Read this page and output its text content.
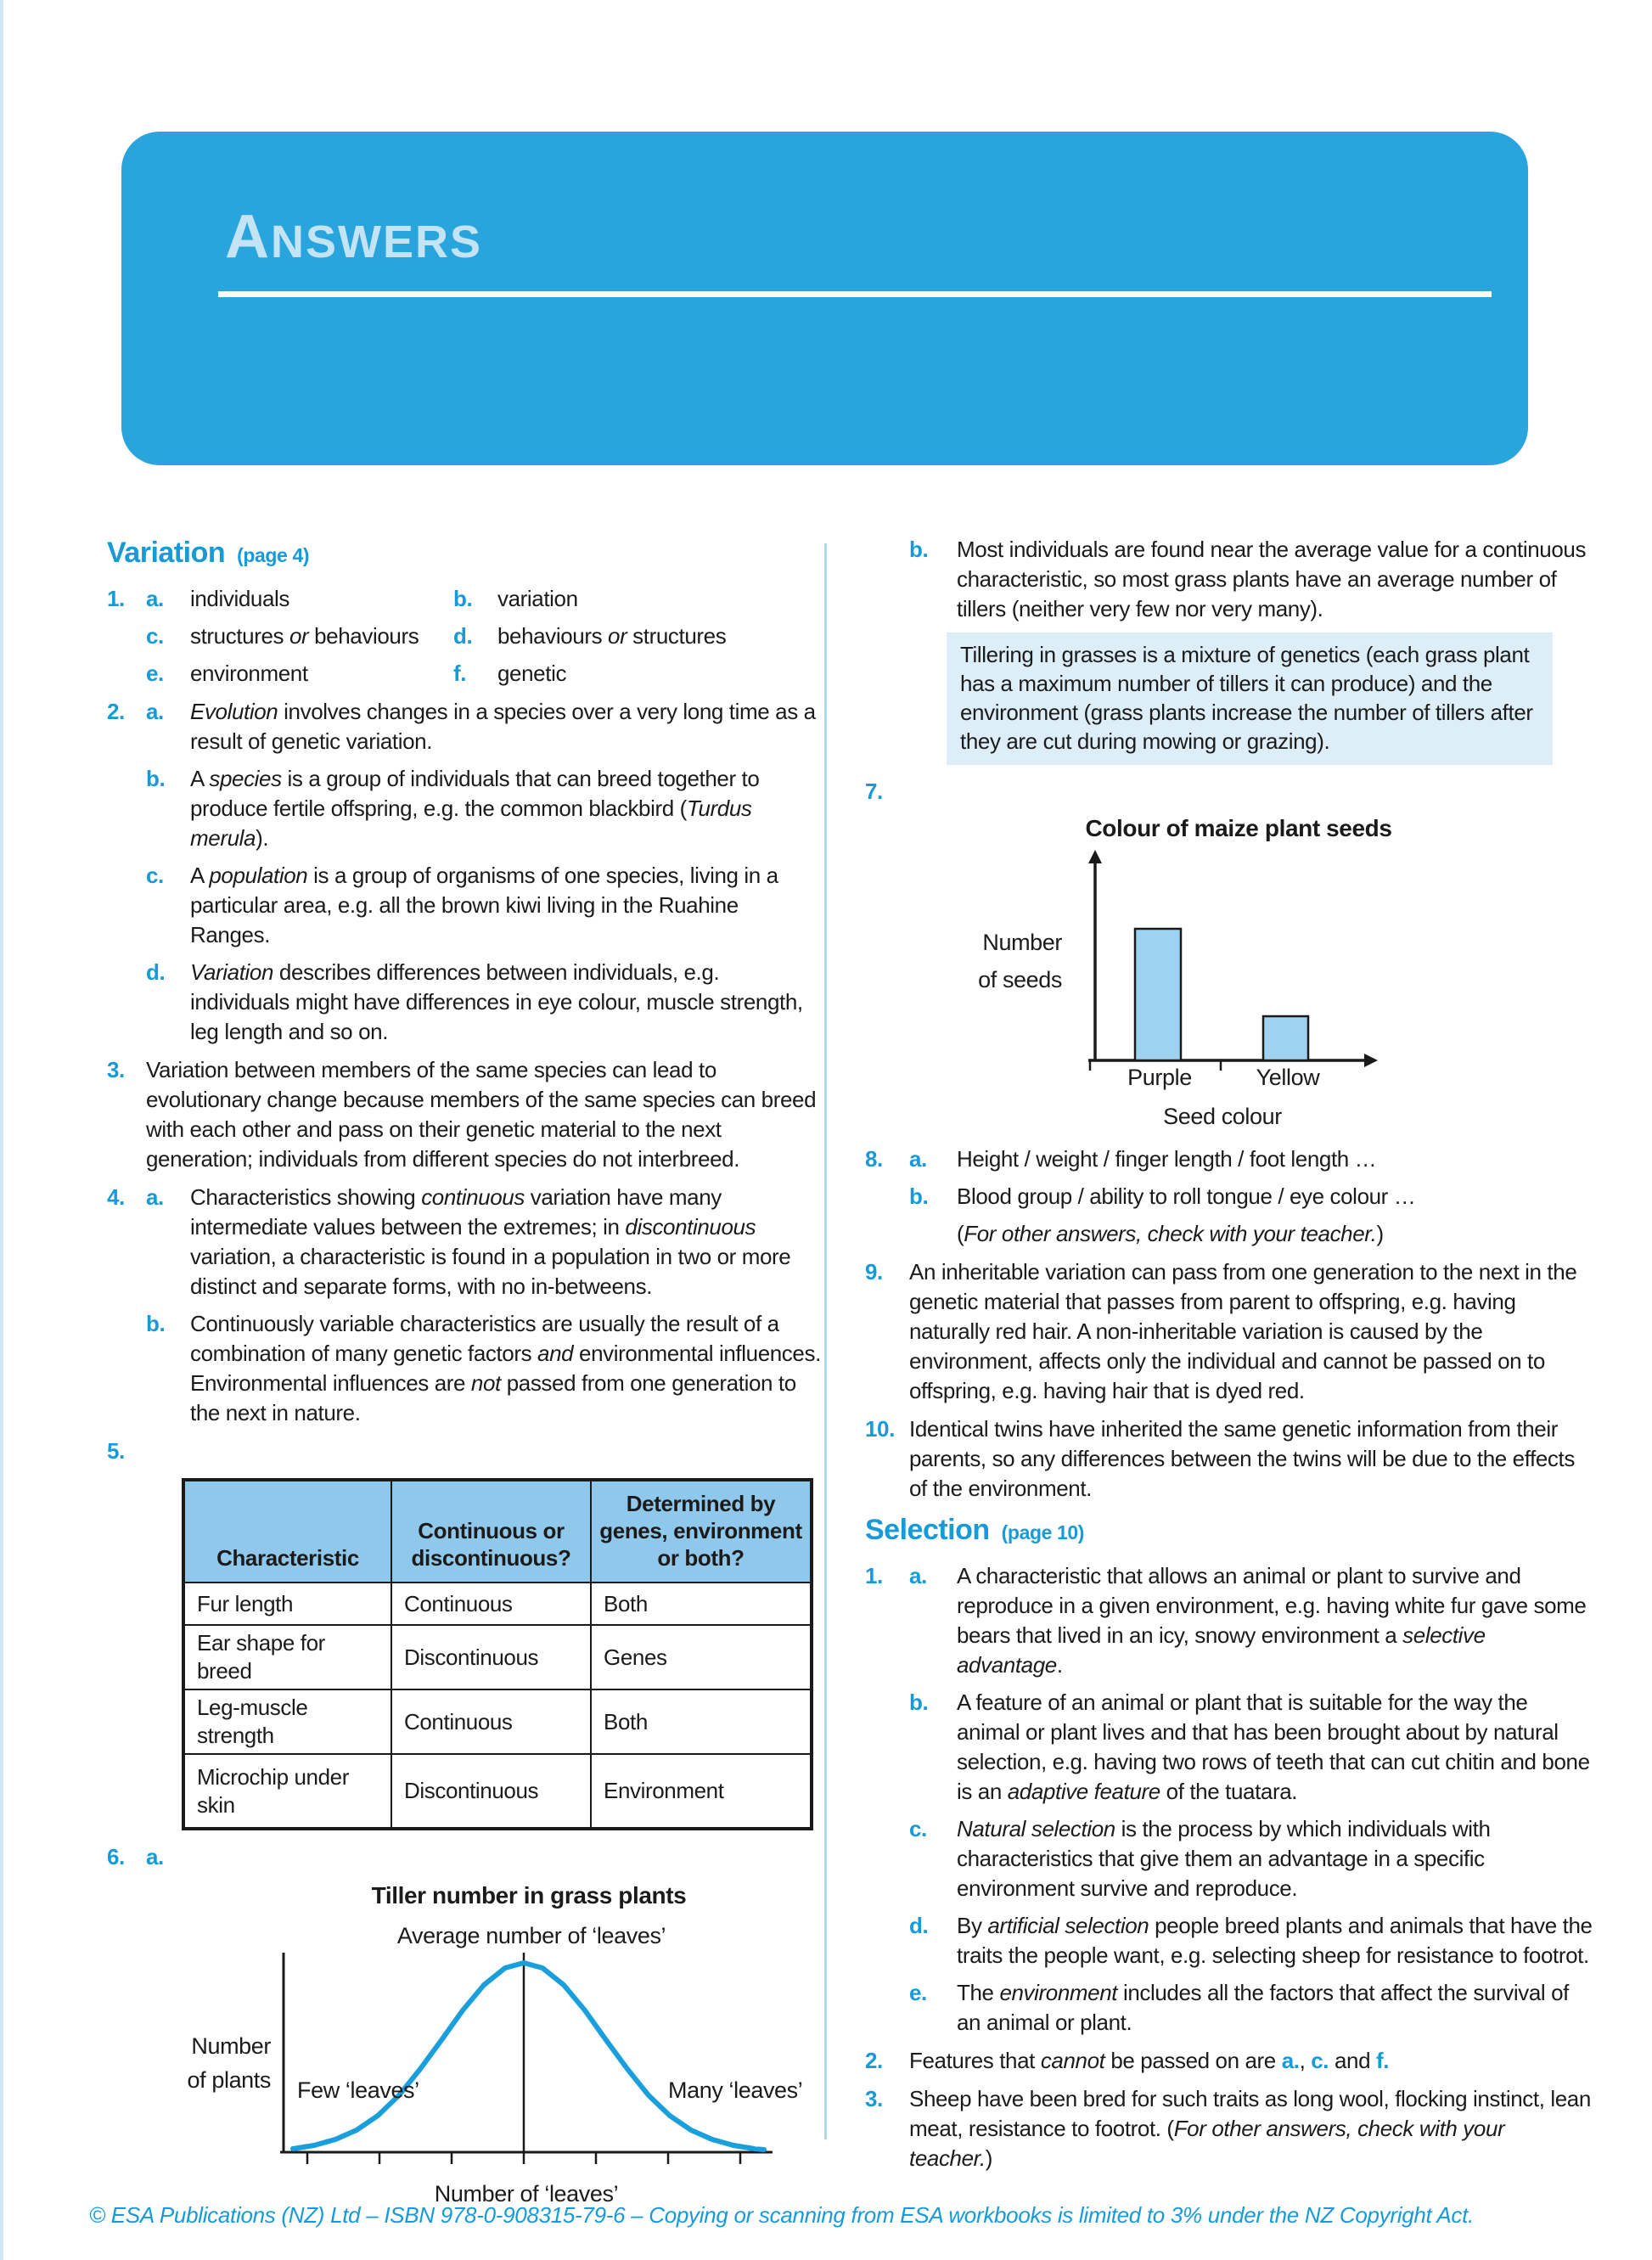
ANSWERS
Variation (page 4)
1. a.	individuals	b.	variation
c.	structures or behaviours	d.	behaviours or structures
e.	environment	f.	genetic
2. a.	Evolution involves changes in a species over a very long time as a result of genetic variation.
b.	A species is a group of individuals that can breed together to produce fertile offspring, e.g. the common blackbird (Turdus merula).
c.	A population is a group of organisms of one species, living in a particular area, e.g. all the brown kiwi living in the Ruahine Ranges.
d.	Variation describes differences between individuals, e.g. individuals might have differences in eye colour, muscle strength, leg length and so on.
3. Variation between members of the same species can lead to evolutionary change because members of the same species can breed with each other and pass on their genetic material to the next generation; individuals from different species do not interbreed.
4. a.	Characteristics showing continuous variation have many intermediate values between the extremes; in discontinuous variation, a characteristic is found in a population in two or more distinct and separate forms, with no in-betweens.
b.	Continuously variable characteristics are usually the result of a combination of many genetic factors and environmental influences. Environmental influences are not passed from one generation to the next in nature.
5.
Characteristic	Continuous or discontinuous?	Determined by genes, environment or both?
Fur length	Continuous	Both
Ear shape for breed	Discontinuous	Genes
Leg-muscle strength	Continuous	Both
Microchip under skin	Discontinuous	Environment
6. a.
Tiller number in grass plants
Average number of ‘leaves’
Number
of plants Few ‘leaves’	Many ‘leaves’
Number of ‘leaves’
b.	Most individuals are found near the average value for a continuous characteristic, so most grass plants have an average number of tillers (neither very few nor very many).
Tillering in grasses is a mixture of genetics (each grass plant has a maximum number of tillers it can produce) and the environment (grass plants increase the number of tillers after they are cut during mowing or grazing).
7.
Colour of maize plant seeds
Number
of seeds
Purple	Yellow
Seed colour
8.	a.	Height / weight / finger length / foot length …
b.	Blood group / ability to roll tongue / eye colour …
(For other answers, check with your teacher.)
9.	An inheritable variation can pass from one generation to the next in the genetic material that passes from parent to offspring, e.g. having naturally red hair. A non-inheritable variation is caused by the environment, affects only the individual and cannot be passed on to offspring, e.g. having hair that is dyed red.
10. Identical twins have inherited the same genetic information from their parents, so any differences between the twins will be due to the effects of the environment.
Selection (page 10)
1.	a.	A characteristic that allows an animal or plant to survive and reproduce in a given environment, e.g. having white fur gave some bears that lived in an icy, snowy environment a selective advantage.
b.	A feature of an animal or plant that is suitable for the way the animal or plant lives and that has been brought about by natural selection, e.g. having two rows of teeth that can cut chitin and bone is an adaptive feature of the tuatara.
c.	Natural selection is the process by which individuals with characteristics that give them an advantage in a specific environment survive and reproduce.
d.	By artificial selection people breed plants and animals that have the traits the people want, e.g. selecting sheep for resistance to footrot.
e.	The environment includes all the factors that affect the survival of an animal or plant.
2.	Features that cannot be passed on are a., c. and f.
3.	Sheep have been bred for such traits as long wool, flocking instinct, lean meat, resistance to footrot. (For other answers, check with your teacher.)
© ESA Publications (NZ) Ltd – ISBN 978-0-908315-79-6 – Copying or scanning from ESA workbooks is limited to 3% under the NZ Copyright Act.
